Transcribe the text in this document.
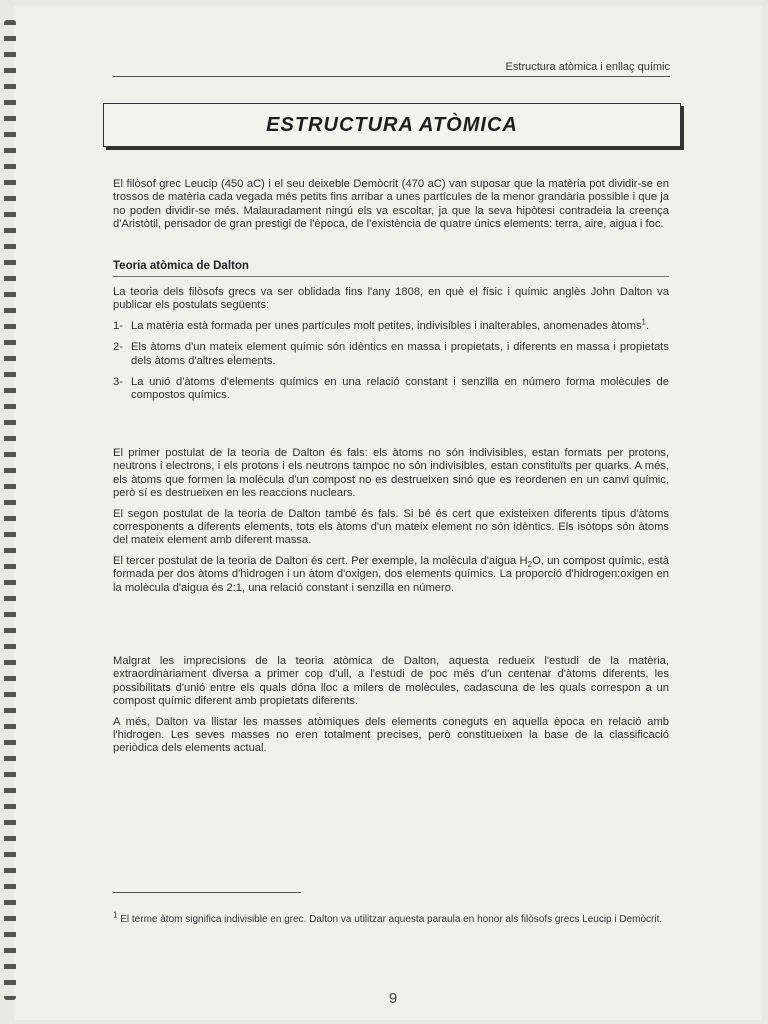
Estructura atòmica i enllaç químic
ESTRUCTURA ATÒMICA

El filòsof grec Leucip (450 aC) i el seu deixeble Demòcrit (470 aC) van suposar que la matèria pot dividir-se en trossos de matèria cada vegada més petits fins arribar a unes partícules de la menor grandària possible i que ja no poden dividir-se més. Malauradament ningú els va escoltar, ja que la seva hipòtesi contradeia la creença d'Aristòtil, pensador de gran prestigi de l'època, de l'existència de quatre únics elements: terra, aire, aigua i foc.

Teoria atòmica de Dalton

La teoria dels filòsofs grecs va ser oblidada fins l'any 1808, en què el físic i químic anglès John Dalton va publicar els postulats següents:

1- La matèria està formada per unes partícules molt petites, indivisibles i inalterables, anomenades àtoms$^1$.
2- Els àtoms d'un mateix element químic són idèntics en massa i propietats, i diferents en massa i propietats dels àtoms d'altres elements.
3- La unió d'àtoms d'elements químics en una relació constant i senzilla en número forma molècules de compostos químics.

El primer postulat de la teoria de Dalton és fals: els àtoms no són indivisibles, estan formats per protons, neutrons i electrons, i els protons i els neutrons tampoc no són indivisibles, estan constituïts per quarks. A més, els àtoms que formen la molècula d'un compost no es destrueixen sinó que es reordenen en un canvi químic, però sí es destrueixen en les reaccions nuclears.

El segon postulat de la teoria de Dalton també és fals. Si bé és cert que existeixen diferents tipus d'àtoms corresponents a diferents elements, tots els àtoms d'un mateix element no són idèntics. Els isòtops són àtoms del mateix element amb diferent massa.

El tercer postulat de la teoria de Dalton és cert. Per exemple, la molècula d'aigua $H_2O$, un compost químic, està formada per dos àtoms d'hidrogen i un àtom d'oxigen, dos elements químics. La proporció d'hidrogen:oxigen en la molècula d'aigua és 2:1, una relació constant i senzilla en número.

Malgrat les imprecisions de la teoria atòmica de Dalton, aquesta redueix l'estudi de la matèria, extraordinàriament diversa a primer cop d'ull, a l'estudi de poc més d'un centenar d'àtoms diferents, les possibilitats d'unió entre els quals dóna lloc a milers de molècules, cadascuna de les quals correspon a un compost químic diferent amb propietats diferents.

A més, Dalton va llistar les masses atòmiques dels elements coneguts en aquella època en relació amb l'hidrogen. Les seves masses no eren totalment precises, però constitueixen la base de la classificació periòdica dels elements actual.

$^1$ El terme àtom significa indivisible en grec. Dalton va utilitzar aquesta paraula en honor als filòsofs grecs Leucip i Demòcrit.
9
